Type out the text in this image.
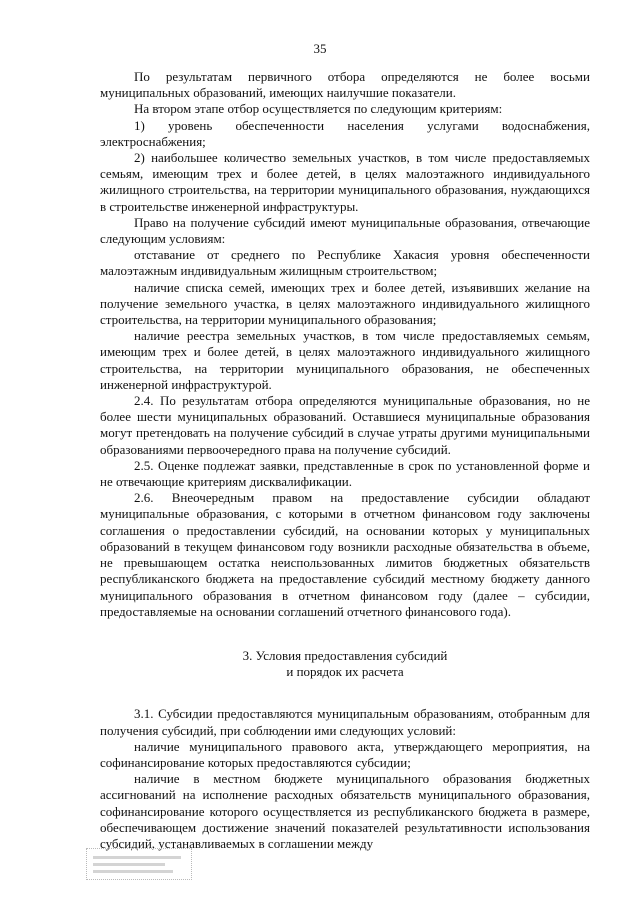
35

По результатам первичного отбора определяются не более восьми муниципальных образований, имеющих наилучшие показатели.

На втором этапе отбор осуществляется по следующим критериям:

1) уровень обеспеченности населения услугами водоснабжения, электроснабжения;

2) наибольшее количество земельных участков, в том числе предоставляемых семьям, имеющим трех и более детей, в целях малоэтажного индивидуального жилищного строительства, на территории муниципального образования, нуждающихся в строительстве инженерной инфраструктуры.

Право на получение субсидий имеют муниципальные образования, отвечающие следующим условиям:

отставание от среднего по Республике Хакасия уровня обеспеченности малоэтажным индивидуальным жилищным строительством;

наличие списка семей, имеющих трех и более детей, изъявивших желание на получение земельного участка, в целях малоэтажного индивидуального жилищного строительства, на территории муниципального образования;

наличие реестра земельных участков, в том числе предоставляемых семьям, имеющим трех и более детей, в целях малоэтажного индивидуального жилищного строительства, на территории муниципального образования, не обеспеченных инженерной инфраструктурой.

2.4. По результатам отбора определяются муниципальные образования, но не более шести муниципальных образований. Оставшиеся муниципальные образования могут претендовать на получение субсидий в случае утраты другими муниципальными образованиями первоочередного права на получение субсидий.

2.5. Оценке подлежат заявки, представленные в срок по установленной форме и не отвечающие критериям дисквалификации.

2.6. Внеочередным правом на предоставление субсидии обладают муниципальные образования, с которыми в отчетном финансовом году заключены соглашения о предоставлении субсидий, на основании которых у муниципальных образований в текущем финансовом году возникли расходные обязательства в объеме, не превышающем остатка неиспользованных лимитов бюджетных обязательств республиканского бюджета на предоставление субсидий местному бюджету данного муниципального образования в отчетном финансовом году (далее – субсидии, предоставляемые на основании соглашений отчетного финансового года).

3. Условия предоставления субсидий
и порядок их расчета

3.1. Субсидии предоставляются муниципальным образованиям, отобранным для получения субсидий, при соблюдении ими следующих условий:

наличие муниципального правового акта, утверждающего мероприятия, на софинансирование которых предоставляются субсидии;

наличие в местном бюджете муниципального образования бюджетных ассигнований на исполнение расходных обязательств муниципального образования, софинансирование которого осуществляется из республиканского бюджета в размере, обеспечивающем достижение значений показателей результативности использования субсидий, устанавливаемых в соглашении между
